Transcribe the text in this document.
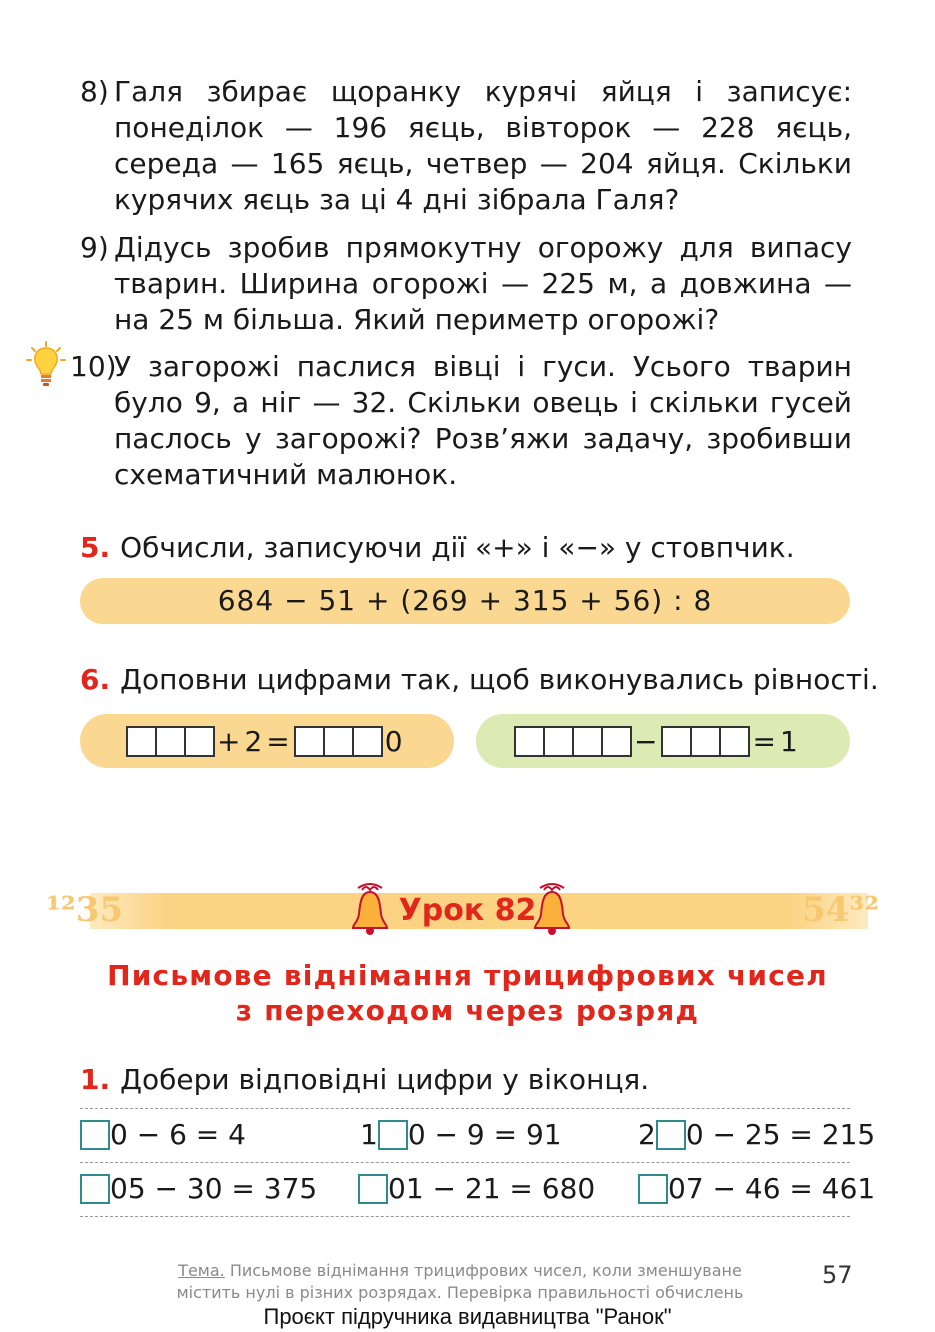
8) Галя збирає щоранку курячі яйця і записує: понеділок — 196 яєць, вівторок — 228 яєць, середа — 165 яєць, четвер — 204 яйця. Скільки курячих яєць за ці 4 дні зібрала Галя?
9) Дідусь зробив прямокутну огорожу для випасу тварин. Ширина огорожі — 225 м, а довжина — на 25 м більша. Який периметр огорожі?
10)
У загорожі паслися вівці і гуси. Усього тварин було 9, а ніг — 32. Скільки овець і скільки гусей паслось у загорожі? Розв’яжи задачу, зробивши схематичний малюнок.
5. Обчисли, записуючи дії «+» і «−» у стовпчик.
684 − 51 + (269 + 315 + 56) : 8
6. Доповни цифрами так, щоб виконувались рівності.
+ 2 =	0	−	= 1
¹²35	54³²
Урок 82
Письмове віднімання трицифрових чисел
з переходом через розряд
1. Добери відповідні цифри у віконця.
0 − 6 = 4	1 0 − 9 = 91	2 0 − 25 = 215
05 − 30 = 375	01 − 21 = 680	07 − 46 = 461
Тема. Письмове віднімання трицифрових чисел, коли зменшуване містить нулі в різних розрядах. Перевірка правильності обчислень
57
Проєкт підручника видавництва "Ранок"
